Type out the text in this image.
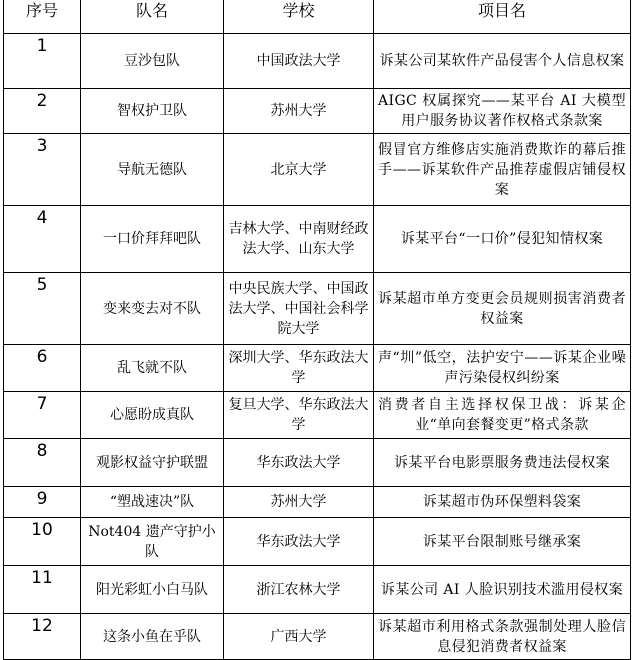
序号	队名	学校	项目名
1	豆沙包队	中国政法大学	诉某公司某软件产品侵害个人信息权案
2	智权护卫队	苏州大学	AIGC 权属探究——某平台 AI 大模型用户服务协议著作权格式条款案
3	导航无德队	北京大学	假冒官方维修店实施消费欺诈的幕后推手——诉某软件产品推荐虚假店铺侵权案
4	一口价拜拜吧队	吉林大学、中南财经政法大学、山东大学	诉某平台“一口价”侵犯知情权案
5	变来变去对不队	中央民族大学、中国政法大学、中国社会科学院大学	诉某超市单方变更会员规则损害消费者权益案
6	乱飞就不队	深圳大学、华东政法大学	声“圳”低空，法护安宁——诉某企业噪声污染侵权纠纷案
7	心愿盼成真队	复旦大学、华东政法大学	消费者自主选择权保卫战：诉某企业“单向套餐变更”格式条款
8	观影权益守护联盟	华东政法大学	诉某平台电影票服务费违法侵权案
9	“塑战速决”队	苏州大学	诉某超市伪环保塑料袋案
10	Not404 遗产守护小队	华东政法大学	诉某平台限制账号继承案
11	阳光彩虹小白马队	浙江农林大学	诉某公司 AI 人脸识别技术滥用侵权案
12	这条小鱼在乎队	广西大学	诉某超市利用格式条款强制处理人脸信息侵犯消费者权益案
